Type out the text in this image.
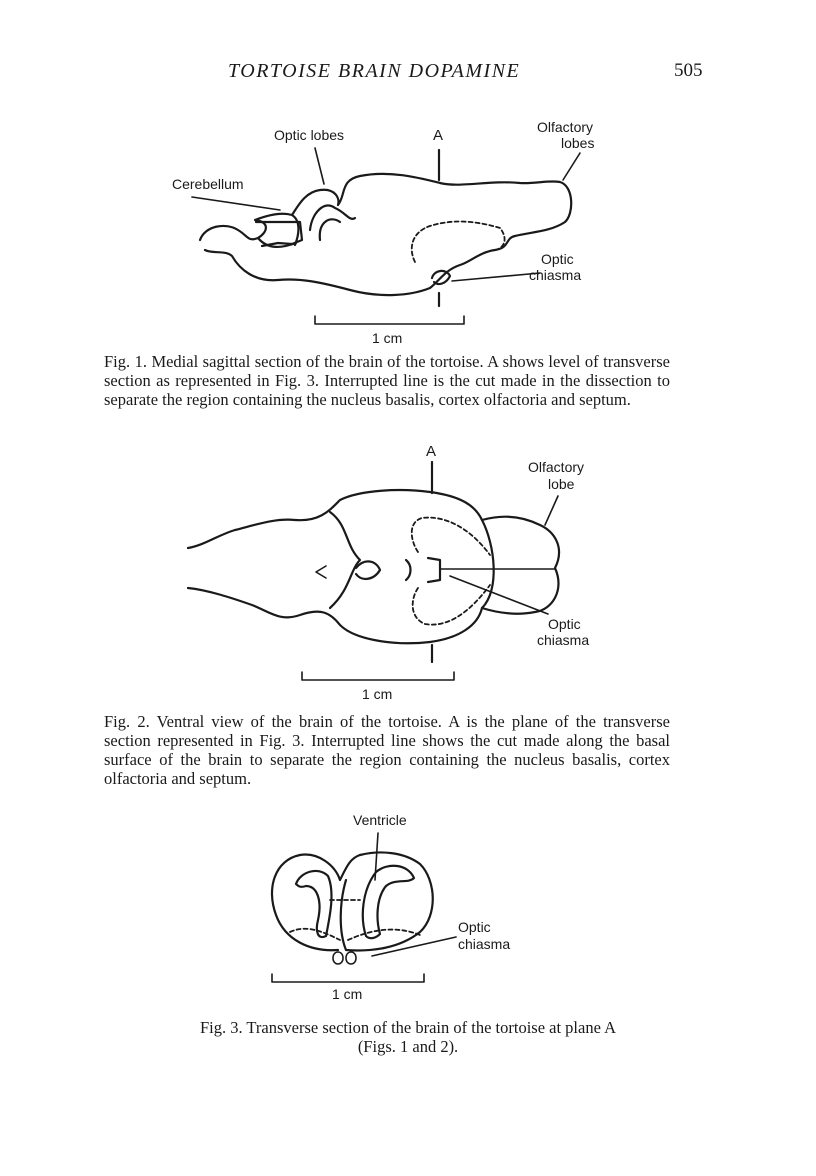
TORTOISE BRAIN DOPAMINE	505
Optic lobes	A	Olfactory
lobes
Cerebellum
Optic
chiasma
1 cm
Fig. 1. Medial sagittal section of the brain of the tortoise. A shows level of transverse section as represented in Fig. 3. Interrupted line is the cut made in the dissection to separate the region containing the nucleus basalis, cortex olfactoria and septum.
A
Olfactory
lobe
Optic
chiasma
1 cm
Fig. 2. Ventral view of the brain of the tortoise. A is the plane of the transverse section represented in Fig. 3. Interrupted line shows the cut made along the basal surface of the brain to separate the region containing the nucleus basalis, cortex olfactoria and septum.
Ventricle
Optic
chiasma
1 cm
Fig. 3. Transverse section of the brain of the tortoise at plane A
(Figs. 1 and 2).
